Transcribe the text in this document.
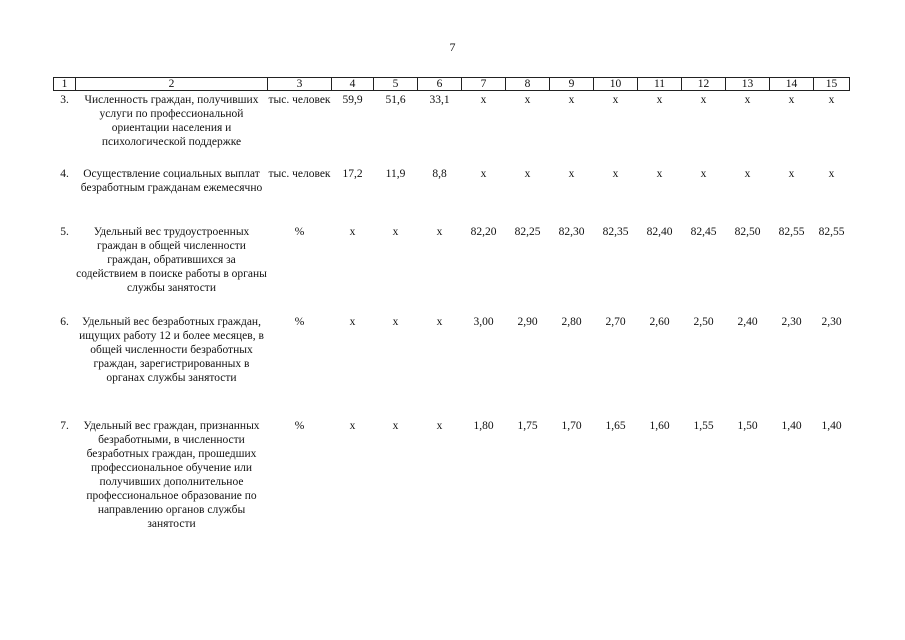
7
1	2	3	4	5	6	7	8	9	10	11	12	13	14	15
3.	Численность граждан, получивших услуги по профессиональной ориентации населения и психологической поддержке	тыс. человек	59,9	51,6	33,1	x	x	x	x	x	x	x	x	x
4.	Осуществление социальных выплат безработным гражданам ежемесячно	тыс. человек	17,2	11,9	8,8	x	x	x	x	x	x	x	x	x
5.	Удельный вес трудоустроенных граждан в общей численности граждан, обратившихся за содействием в поиске работы в органы службы занятости	%	x	x	x	82,20	82,25	82,30	82,35	82,40	82,45	82,50	82,55	82,55
6.	Удельный вес безработных граждан, ищущих работу 12 и более месяцев, в общей численности безработных граждан, зарегистрированных в органах службы занятости	%	x	x	x	3,00	2,90	2,80	2,70	2,60	2,50	2,40	2,30	2,30
7.	Удельный вес граждан, признанных безработными, в численности безработных граждан, прошедших профессиональное обучение или получивших дополнительное профессиональное образование по направлению органов службы занятости	%	x	x	x	1,80	1,75	1,70	1,65	1,60	1,55	1,50	1,40	1,40
